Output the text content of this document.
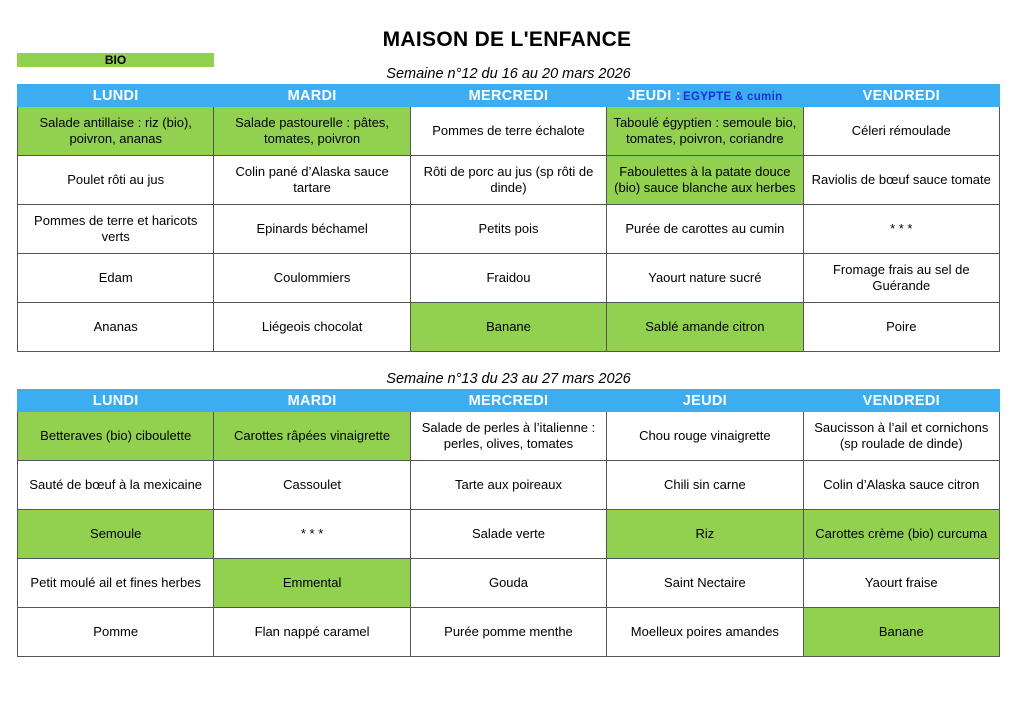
MAISON DE L'ENFANCE
BIO
Semaine n°12 du 16 au 20 mars 2026
LUNDI	MARDI	MERCREDI	JEUDI : EGYPTE & cumin	VENDREDI
Salade antillaise : riz (bio), poivron, ananas	Salade pastourelle : pâtes, tomates, poivron	Pommes de terre échalote	Taboulé égyptien : semoule bio, tomates, poivron, coriandre	Céleri rémoulade
Poulet rôti au jus	Colin pané d’Alaska sauce tartare	Rôti de porc au jus (sp rôti de dinde)	Faboulettes à la patate douce (bio) sauce blanche aux herbes	Raviolis de bœuf sauce tomate
Pommes de terre et haricots verts	Epinards béchamel	Petits pois	Purée de carottes au cumin	* * *
Edam	Coulommiers	Fraidou	Yaourt nature sucré	Fromage frais au sel de Guérande
Ananas	Liégeois chocolat	Banane	Sablé amande citron	Poire
Semaine n°13 du 23 au 27 mars 2026
LUNDI	MARDI	MERCREDI	JEUDI	VENDREDI
Betteraves (bio) ciboulette	Carottes râpées vinaigrette	Salade de perles à l’italienne : perles, olives, tomates	Chou rouge vinaigrette	Saucisson à l’ail et cornichons (sp roulade de dinde)
Sauté de bœuf à la mexicaine	Cassoulet	Tarte aux poireaux	Chili sin carne	Colin d’Alaska sauce citron
Semoule	* * *	Salade verte	Riz	Carottes crème (bio) curcuma
Petit moulé ail et fines herbes	Emmental	Gouda	Saint Nectaire	Yaourt fraise
Pomme	Flan nappé caramel	Purée pomme menthe	Moelleux poires amandes	Banane
